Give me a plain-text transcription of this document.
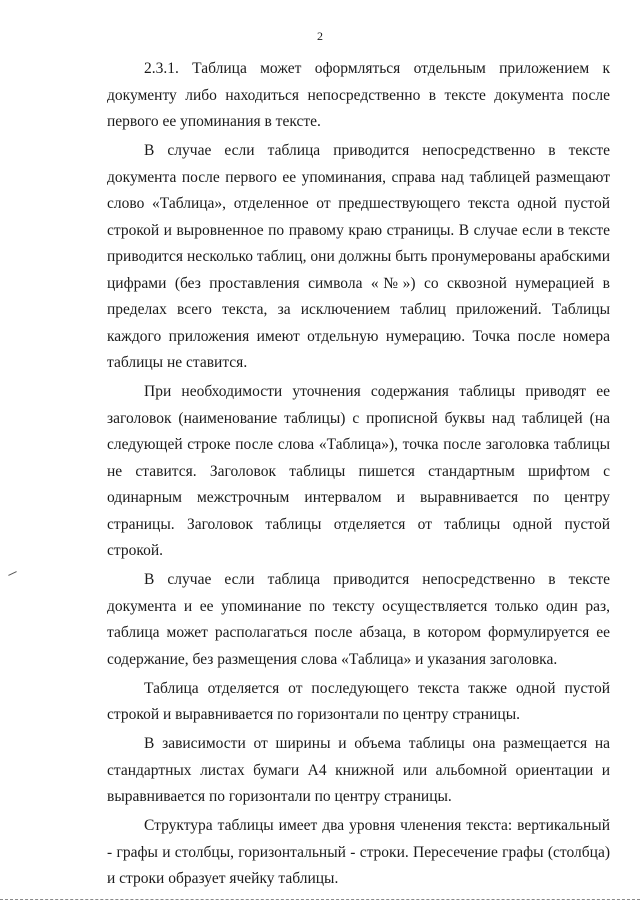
2

2.3.1. Таблица может оформляться отдельным приложением к документу либо находиться непосредственно в тексте документа после первого ее упоминания в тексте.

В случае если таблица приводится непосредственно в тексте документа после первого ее упоминания, справа над таблицей размещают слово «Таблица», отделенное от предшествующего текста одной пустой строкой и выровненное по правому краю страницы. В случае если в тексте приводится несколько таблиц, они должны быть пронумерованы арабскими цифрами (без проставления символа «№») со сквозной нумерацией в пределах всего текста, за исключением таблиц приложений. Таблицы каждого приложения имеют отдельную нумерацию. Точка после номера таблицы не ставится.

При необходимости уточнения содержания таблицы приводят ее заголовок (наименование таблицы) с прописной буквы над таблицей (на следующей строке после слова «Таблица»), точка после заголовка таблицы не ставится. Заголовок таблицы пишется стандартным шрифтом с одинарным межстрочным интервалом и выравнивается по центру страницы. Заголовок таблицы отделяется от таблицы одной пустой строкой.

В случае если таблица приводится непосредственно в тексте документа и ее упоминание по тексту осуществляется только один раз, таблица может располагаться после абзаца, в котором формулируется ее содержание, без размещения слова «Таблица» и указания заголовка.

Таблица отделяется от последующего текста также одной пустой строкой и выравнивается по горизонтали по центру страницы.

В зависимости от ширины и объема таблицы она размещается на стандартных листах бумаги А4 книжной или альбомной ориентации и выравнивается по горизонтали по центру страницы.

Структура таблицы имеет два уровня членения текста: вертикальный - графы и столбцы, горизонтальный - строки. Пересечение графы (столбца) и строки образует ячейку таблицы.
